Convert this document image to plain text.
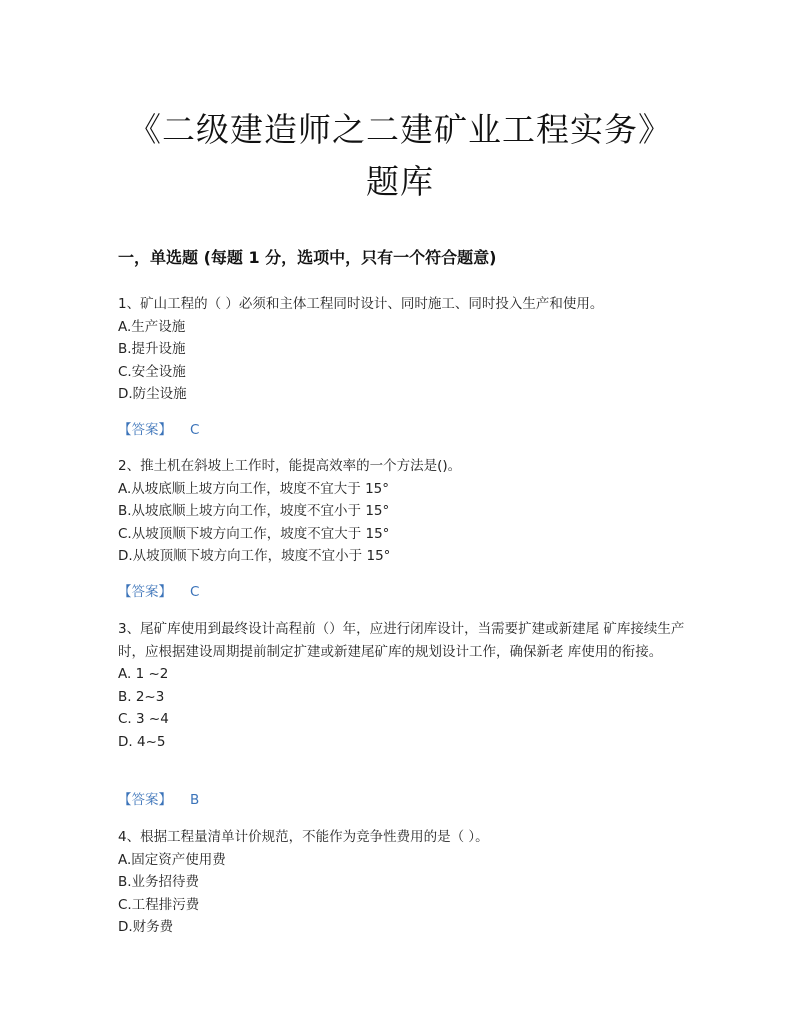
《二级建造师之二建矿业工程实务》
题库
一，单选题 (每题 1 分，选项中，只有一个符合题意)
1、矿山工程的（ ）必须和主体工程同时设计、同时施工、同时投入生产和使用。
A.生产设施
B.提升设施
C.安全设施
D.防尘设施
【答案】 C
2、推土机在斜坡上工作时，能提高效率的一个方法是()。
A.从坡底顺上坡方向工作，坡度不宜大于 15°
B.从坡底顺上坡方向工作，坡度不宜小于 15°
C.从坡顶顺下坡方向工作，坡度不宜大于 15°
D.从坡顶顺下坡方向工作，坡度不宜小于 15°
【答案】 C
3、尾矿库使用到最终设计高程前（）年，应进行闭库设计，当需要扩建或新建尾 矿库接续生产时，应根据建设周期提前制定扩建或新建尾矿库的规划设计工作，确保新老 库使用的衔接。
A. 1 ~2
B. 2~3
C. 3 ~4
D. 4~5
【答案】 B
4、根据工程量清单计价规范，不能作为竞争性费用的是（ ）。
A.固定资产使用费
B.业务招待费
C.工程排污费
D.财务费
